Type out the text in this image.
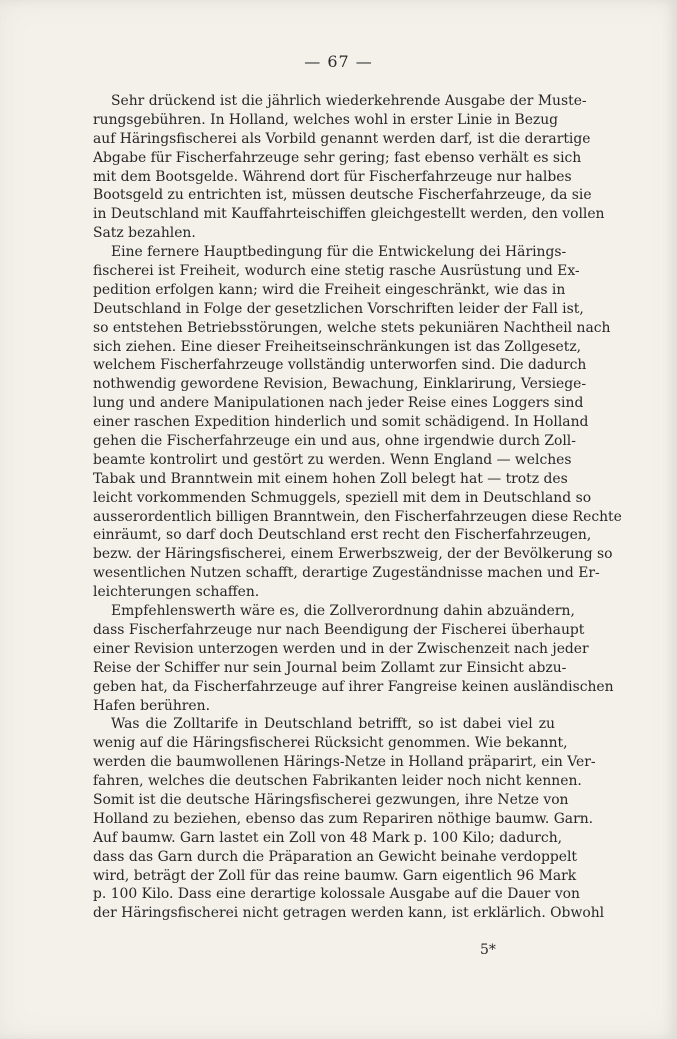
— 67 —
Sehr drückend ist die jährlich wiederkehrende Ausgabe der Muste-
rungsgebühren. In Holland, welches wohl in erster Linie in Bezug
auf Häringsfischerei als Vorbild genannt werden darf, ist die derartige
Abgabe für Fischerfahrzeuge sehr gering; fast ebenso verhält es sich
mit dem Bootsgelde. Während dort für Fischerfahrzeuge nur halbes
Bootsgeld zu entrichten ist, müssen deutsche Fischerfahrzeuge, da sie
in Deutschland mit Kauffahrteischiffen gleichgestellt werden, den vollen
Satz bezahlen.
Eine fernere Hauptbedingung für die Entwickelung dei Härings-
fischerei ist Freiheit, wodurch eine stetig rasche Ausrüstung und Ex-
pedition erfolgen kann; wird die Freiheit eingeschränkt, wie das in
Deutschland in Folge der gesetzlichen Vorschriften leider der Fall ist,
so entstehen Betriebsstörungen, welche stets pekuniären Nachtheil nach
sich ziehen. Eine dieser Freiheitseinschränkungen ist das Zollgesetz,
welchem Fischerfahrzeuge vollständig unterworfen sind. Die dadurch
nothwendig gewordene Revision, Bewachung, Einklarirung, Versiege-
lung und andere Manipulationen nach jeder Reise eines Loggers sind
einer raschen Expedition hinderlich und somit schädigend. In Holland
gehen die Fischerfahrzeuge ein und aus, ohne irgendwie durch Zoll-
beamte kontrolirt und gestört zu werden. Wenn England — welches
Tabak und Branntwein mit einem hohen Zoll belegt hat — trotz des
leicht vorkommenden Schmuggels, speziell mit dem in Deutschland so
ausserordentlich billigen Branntwein, den Fischerfahrzeugen diese Rechte
einräumt, so darf doch Deutschland erst recht den Fischerfahrzeugen,
bezw. der Häringsfischerei, einem Erwerbszweig, der der Bevölkerung so
wesentlichen Nutzen schafft, derartige Zugeständnisse machen und Er-
leichterungen schaffen.
Empfehlenswerth wäre es, die Zollverordnung dahin abzuändern,
dass Fischerfahrzeuge nur nach Beendigung der Fischerei überhaupt
einer Revision unterzogen werden und in der Zwischenzeit nach jeder
Reise der Schiffer nur sein Journal beim Zollamt zur Einsicht abzu-
geben hat, da Fischerfahrzeuge auf ihrer Fangreise keinen ausländischen
Hafen berühren.
Was die Zolltarife in Deutschland betrifft, so ist dabei viel zu
wenig auf die Häringsfischerei Rücksicht genommen. Wie bekannt,
werden die baumwollenen Härings-Netze in Holland präparirt, ein Ver-
fahren, welches die deutschen Fabrikanten leider noch nicht kennen.
Somit ist die deutsche Häringsfischerei gezwungen, ihre Netze von
Holland zu beziehen, ebenso das zum Repariren nöthige baumw. Garn.
Auf baumw. Garn lastet ein Zoll von 48 Mark p. 100 Kilo; dadurch,
dass das Garn durch die Präparation an Gewicht beinahe verdoppelt
wird, beträgt der Zoll für das reine baumw. Garn eigentlich 96 Mark
p. 100 Kilo. Dass eine derartige kolossale Ausgabe auf die Dauer von
der Häringsfischerei nicht getragen werden kann, ist erklärlich. Obwohl
5*
